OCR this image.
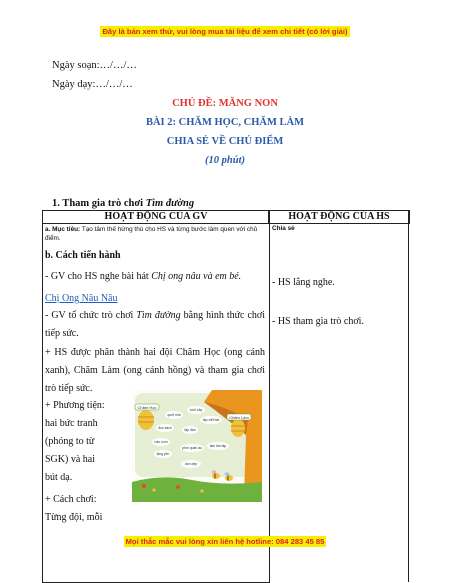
Đây là bản xem thử, vui lòng mua tài liệu để xem chi tiết (có lời giải)
Ngày soạn:…/…/…
Ngày dạy:…/…/…
CHỦ ĐỀ: MĂNG NON
BÀI 2: CHĂM HỌC, CHĂM LÀM
CHIA SẺ VỀ CHỦ ĐIỂM
(10 phút)
1. Tham gia trò chơi Tìm đường
HOẠT ĐỘNG CỦA GV	HOẠT ĐỘNG CỦA HS
a. Mục tiêu: Tạo tâm thế hứng thú cho HS và từng bước làm quen với chủ điểm.
b. Cách tiến hành
- GV cho HS nghe bài hát Chị ong nâu và em bé.
Chị Ong Nâu Nâu
- GV tổ chức trò chơi Tìm đường bằng hình thức chơi tiếp sức.
+ HS được phân thành hai đội Chăm Học (ong cánh xanh), Chăm Làm (ong cánh hồng) và tham gia chơi trò tiếp sức.
+ Phương tiện:
hai bức tranh
(phóng to từ
SGK) và hai
bút dạ.
+ Cách chơi:
Từng đội, mỗi
Chia sẻ
- HS lắng nghe.
- HS tham gia trò chơi.
Chăm Học
Chăm Làm
quét nhà
tưới cây
đọc sách	tập đàn
nấu cơm
lặng yên
phơi quần áo làm bài tập
tập viết bài
dọn dẹp
Mọi thắc mắc vui lòng xin liên hệ hotline: 084 283 45 85
